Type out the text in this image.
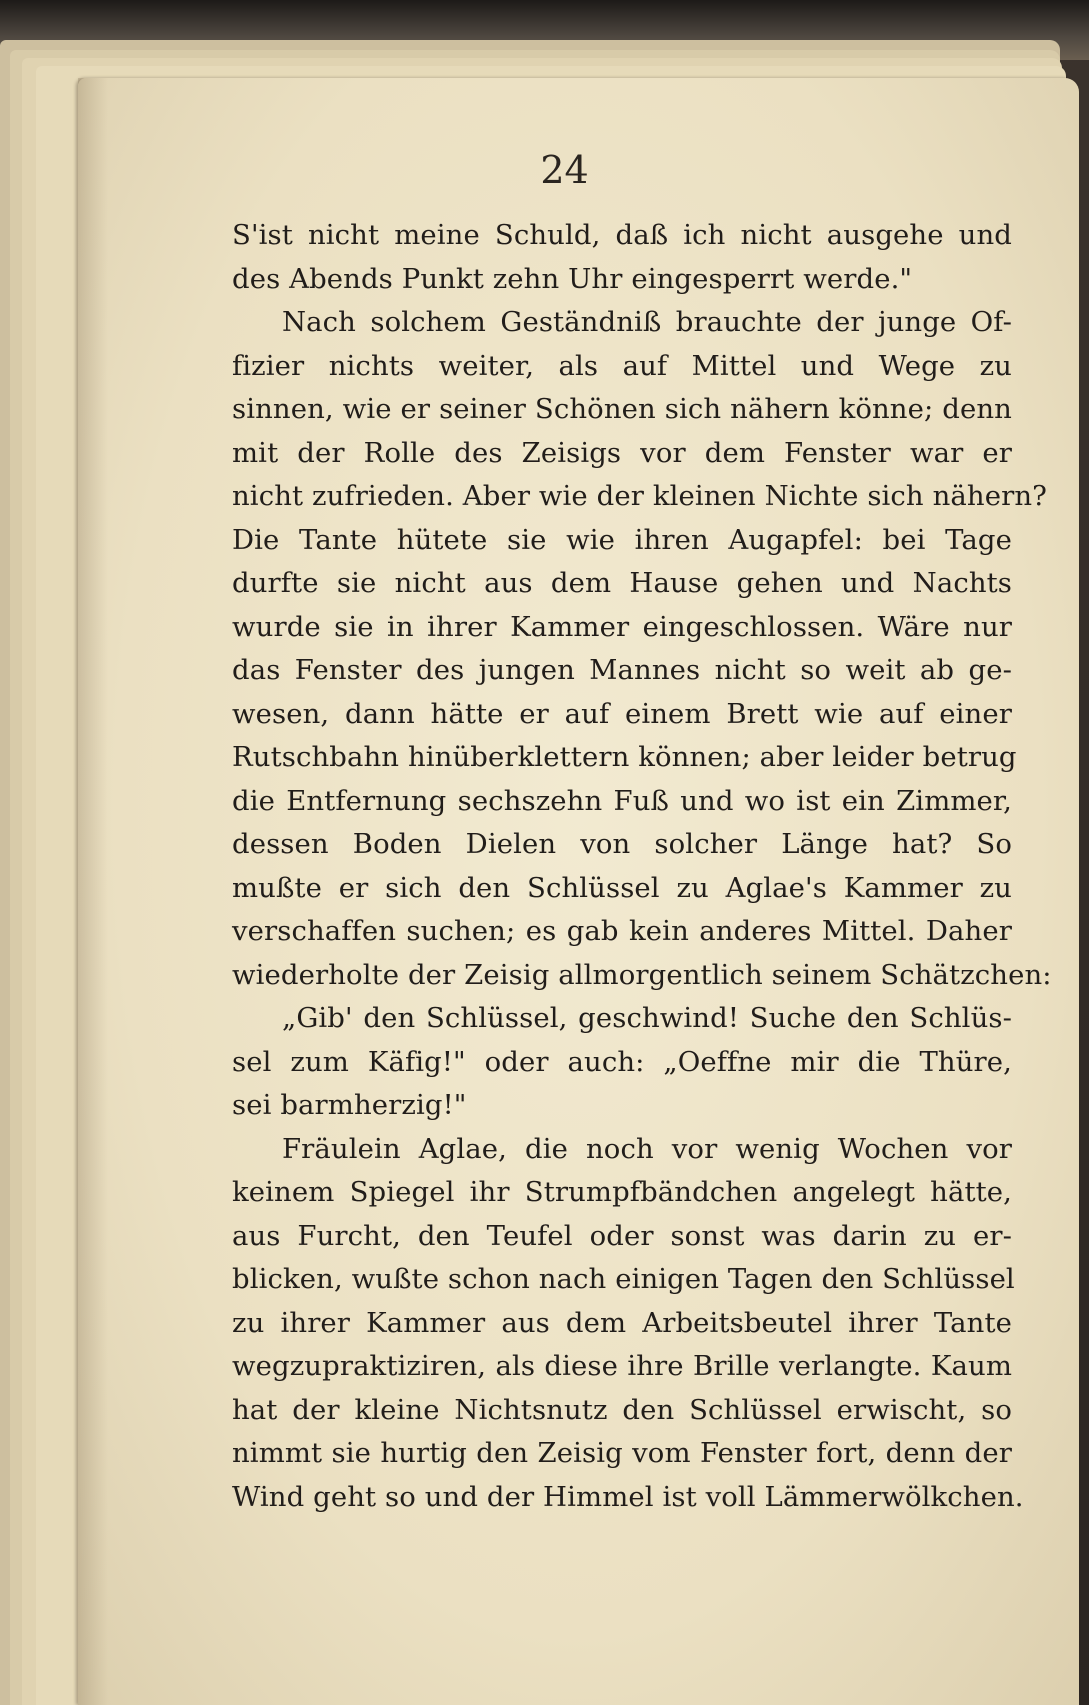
24
S'ist nicht meine Schuld, daß ich nicht ausgehe und
des Abends Punkt zehn Uhr eingesperrt werde."
Nach solchem Geständniß brauchte der junge Of-
fizier nichts weiter, als auf Mittel und Wege zu
sinnen, wie er seiner Schönen sich nähern könne; denn
mit der Rolle des Zeisigs vor dem Fenster war er
nicht zufrieden. Aber wie der kleinen Nichte sich nähern?
Die Tante hütete sie wie ihren Augapfel: bei Tage
durfte sie nicht aus dem Hause gehen und Nachts
wurde sie in ihrer Kammer eingeschlossen. Wäre nur
das Fenster des jungen Mannes nicht so weit ab ge-
wesen, dann hätte er auf einem Brett wie auf einer
Rutschbahn hinüberklettern können; aber leider betrug
die Entfernung sechszehn Fuß und wo ist ein Zimmer,
dessen Boden Dielen von solcher Länge hat? So
mußte er sich den Schlüssel zu Aglae's Kammer zu
verschaffen suchen; es gab kein anderes Mittel. Daher
wiederholte der Zeisig allmorgentlich seinem Schätzchen:
„Gib' den Schlüssel, geschwind! Suche den Schlüs-
sel zum Käfig!" oder auch: „Oeffne mir die Thüre,
sei barmherzig!"
Fräulein Aglae, die noch vor wenig Wochen vor
keinem Spiegel ihr Strumpfbändchen angelegt hätte,
aus Furcht, den Teufel oder sonst was darin zu er-
blicken, wußte schon nach einigen Tagen den Schlüssel
zu ihrer Kammer aus dem Arbeitsbeutel ihrer Tante
wegzupraktiziren, als diese ihre Brille verlangte. Kaum
hat der kleine Nichtsnutz den Schlüssel erwischt, so
nimmt sie hurtig den Zeisig vom Fenster fort, denn der
Wind geht so und der Himmel ist voll Lämmerwölkchen.
